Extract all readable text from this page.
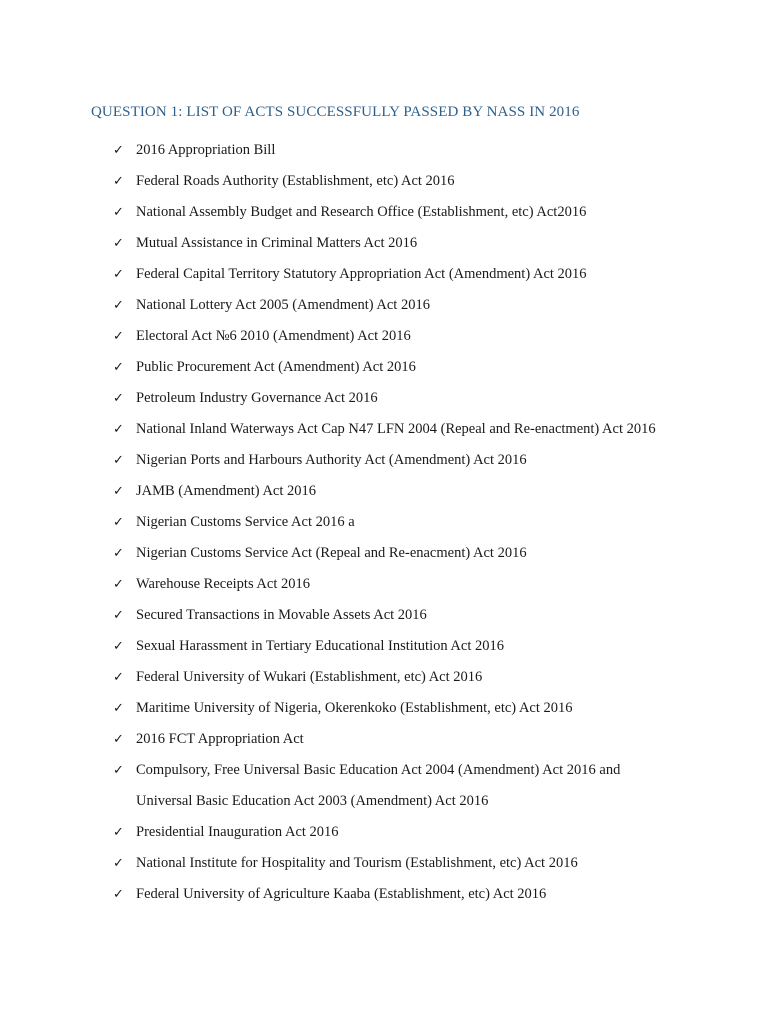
QUESTION 1: LIST OF ACTS SUCCESSFULLY PASSED BY NASS IN 2016
✓ 2016 Appropriation Bill
✓ Federal Roads Authority (Establishment, etc) Act 2016
✓ National Assembly Budget and Research Office (Establishment, etc) Act2016
✓ Mutual Assistance in Criminal Matters Act 2016
✓ Federal Capital Territory Statutory Appropriation Act (Amendment) Act 2016
✓ National Lottery Act 2005 (Amendment) Act 2016
✓ Electoral Act №6 2010 (Amendment) Act 2016
✓ Public Procurement Act (Amendment) Act 2016
✓ Petroleum Industry Governance Act 2016
✓ National Inland Waterways Act Cap N47 LFN 2004 (Repeal and Re-enactment) Act 2016
✓ Nigerian Ports and Harbours Authority Act (Amendment) Act 2016
✓ JAMB (Amendment) Act 2016
✓ Nigerian Customs Service Act 2016 a
✓ Nigerian Customs Service Act (Repeal and Re-enacment) Act 2016
✓ Warehouse Receipts Act 2016
✓ Secured Transactions in Movable Assets Act 2016
✓ Sexual Harassment in Tertiary Educational Institution Act 2016
✓ Federal University of Wukari (Establishment, etc) Act 2016
✓ Maritime University of Nigeria, Okerenkoko (Establishment, etc) Act 2016
✓ 2016 FCT Appropriation Act
✓ Compulsory, Free Universal Basic Education Act 2004 (Amendment) Act 2016 and
Universal Basic Education Act 2003 (Amendment) Act 2016
✓ Presidential Inauguration Act 2016
✓ National Institute for Hospitality and Tourism (Establishment, etc) Act 2016
✓ Federal University of Agriculture Kaaba (Establishment, etc) Act 2016
